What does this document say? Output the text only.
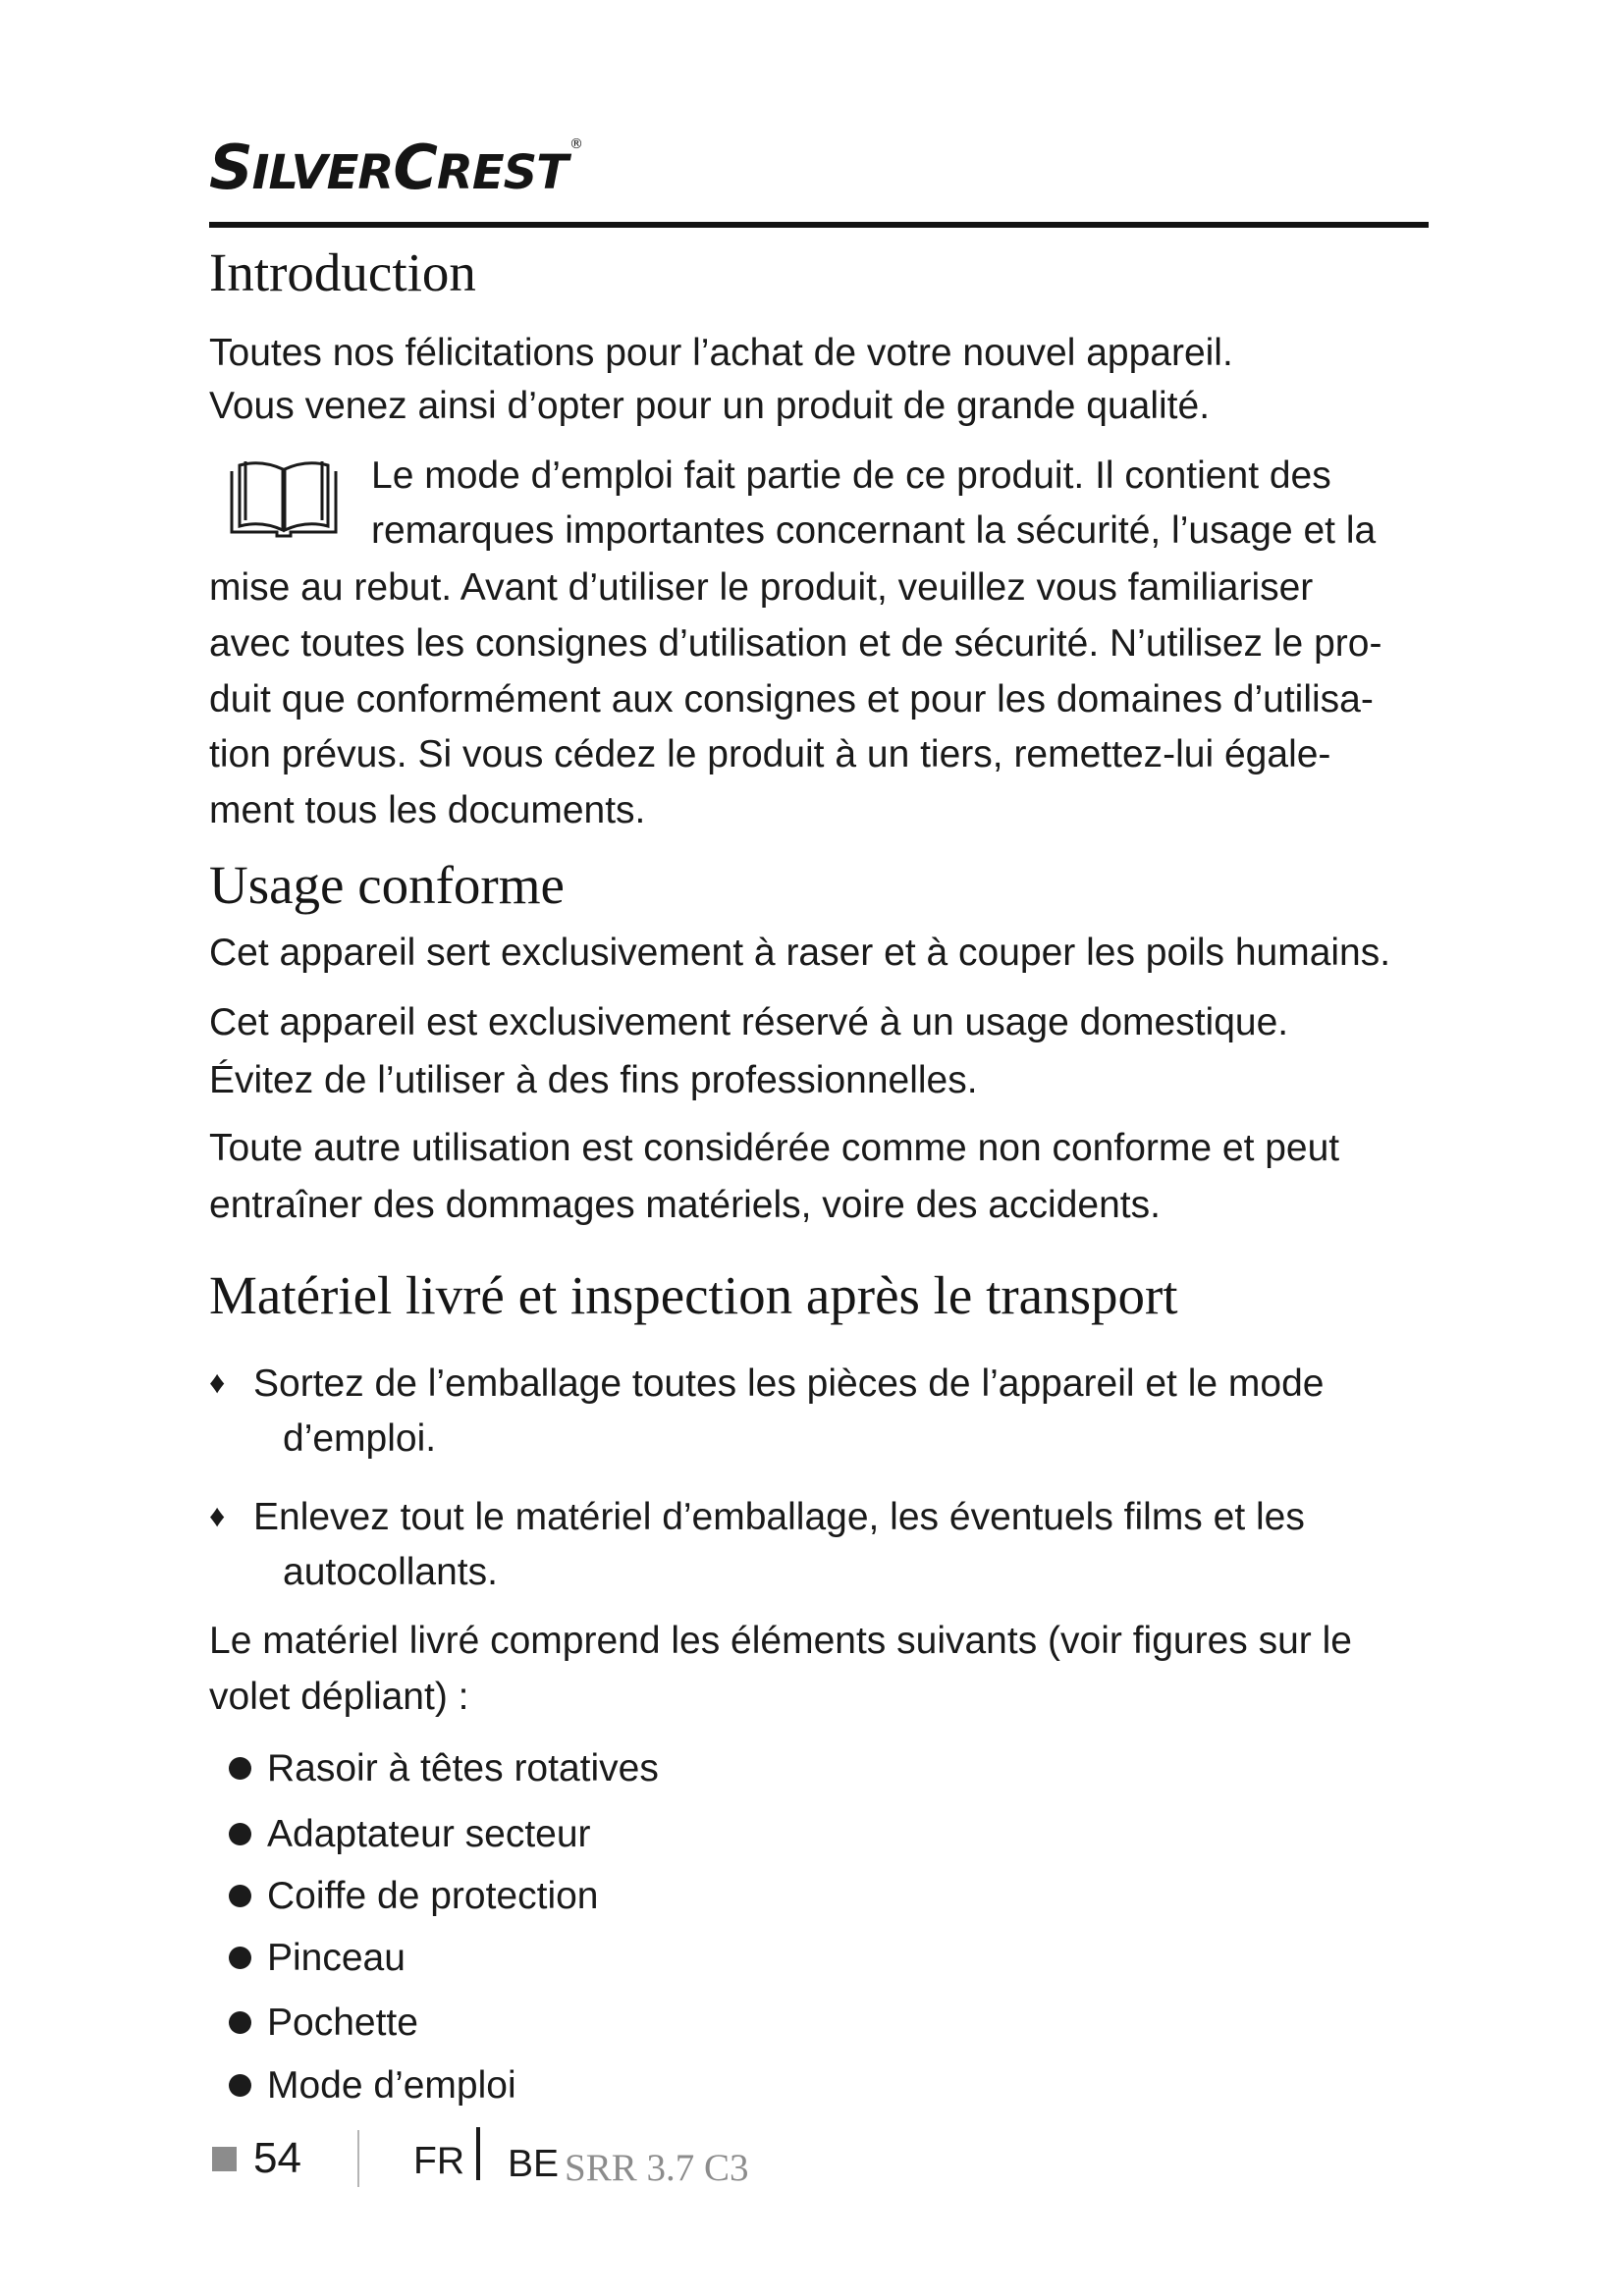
SILVERCREST®
Introduction
Toutes nos félicitations pour l’achat de votre nouvel appareil.
Vous venez ainsi d’opter pour un produit de grande qualité.
Le mode d’emploi fait partie de ce produit. Il contient des
remarques importantes concernant la sécurité, l’usage et la
mise au rebut. Avant d’utiliser le produit, veuillez vous familiariser
avec toutes les consignes d’utilisation et de sécurité. N’utilisez le pro-
duit que conformément aux consignes et pour les domaines d’utilisa-
tion prévus. Si vous cédez le produit à un tiers, remettez-lui égale-
ment tous les documents.
Usage conforme
Cet appareil sert exclusivement à raser et à couper les poils humains.
Cet appareil est exclusivement réservé à un usage domestique.
Évitez de l’utiliser à des fins professionnelles.
Toute autre utilisation est considérée comme non conforme et peut
entraîner des dommages matériels, voire des accidents.
Matériel livré et inspection après le transport
♦ Sortez de l’emballage toutes les pièces de l’appareil et le mode
d’emploi.
♦ Enlevez tout le matériel d’emballage, les éventuels films et les
autocollants.
Le matériel livré comprend les éléments suivants (voir figures sur le
volet dépliant) :
Rasoir à têtes rotatives
Adaptateur secteur
Coiffe de protection
Pinceau
Pochette
Mode d’emploi
54	FR BE SRR 3.7 C3
